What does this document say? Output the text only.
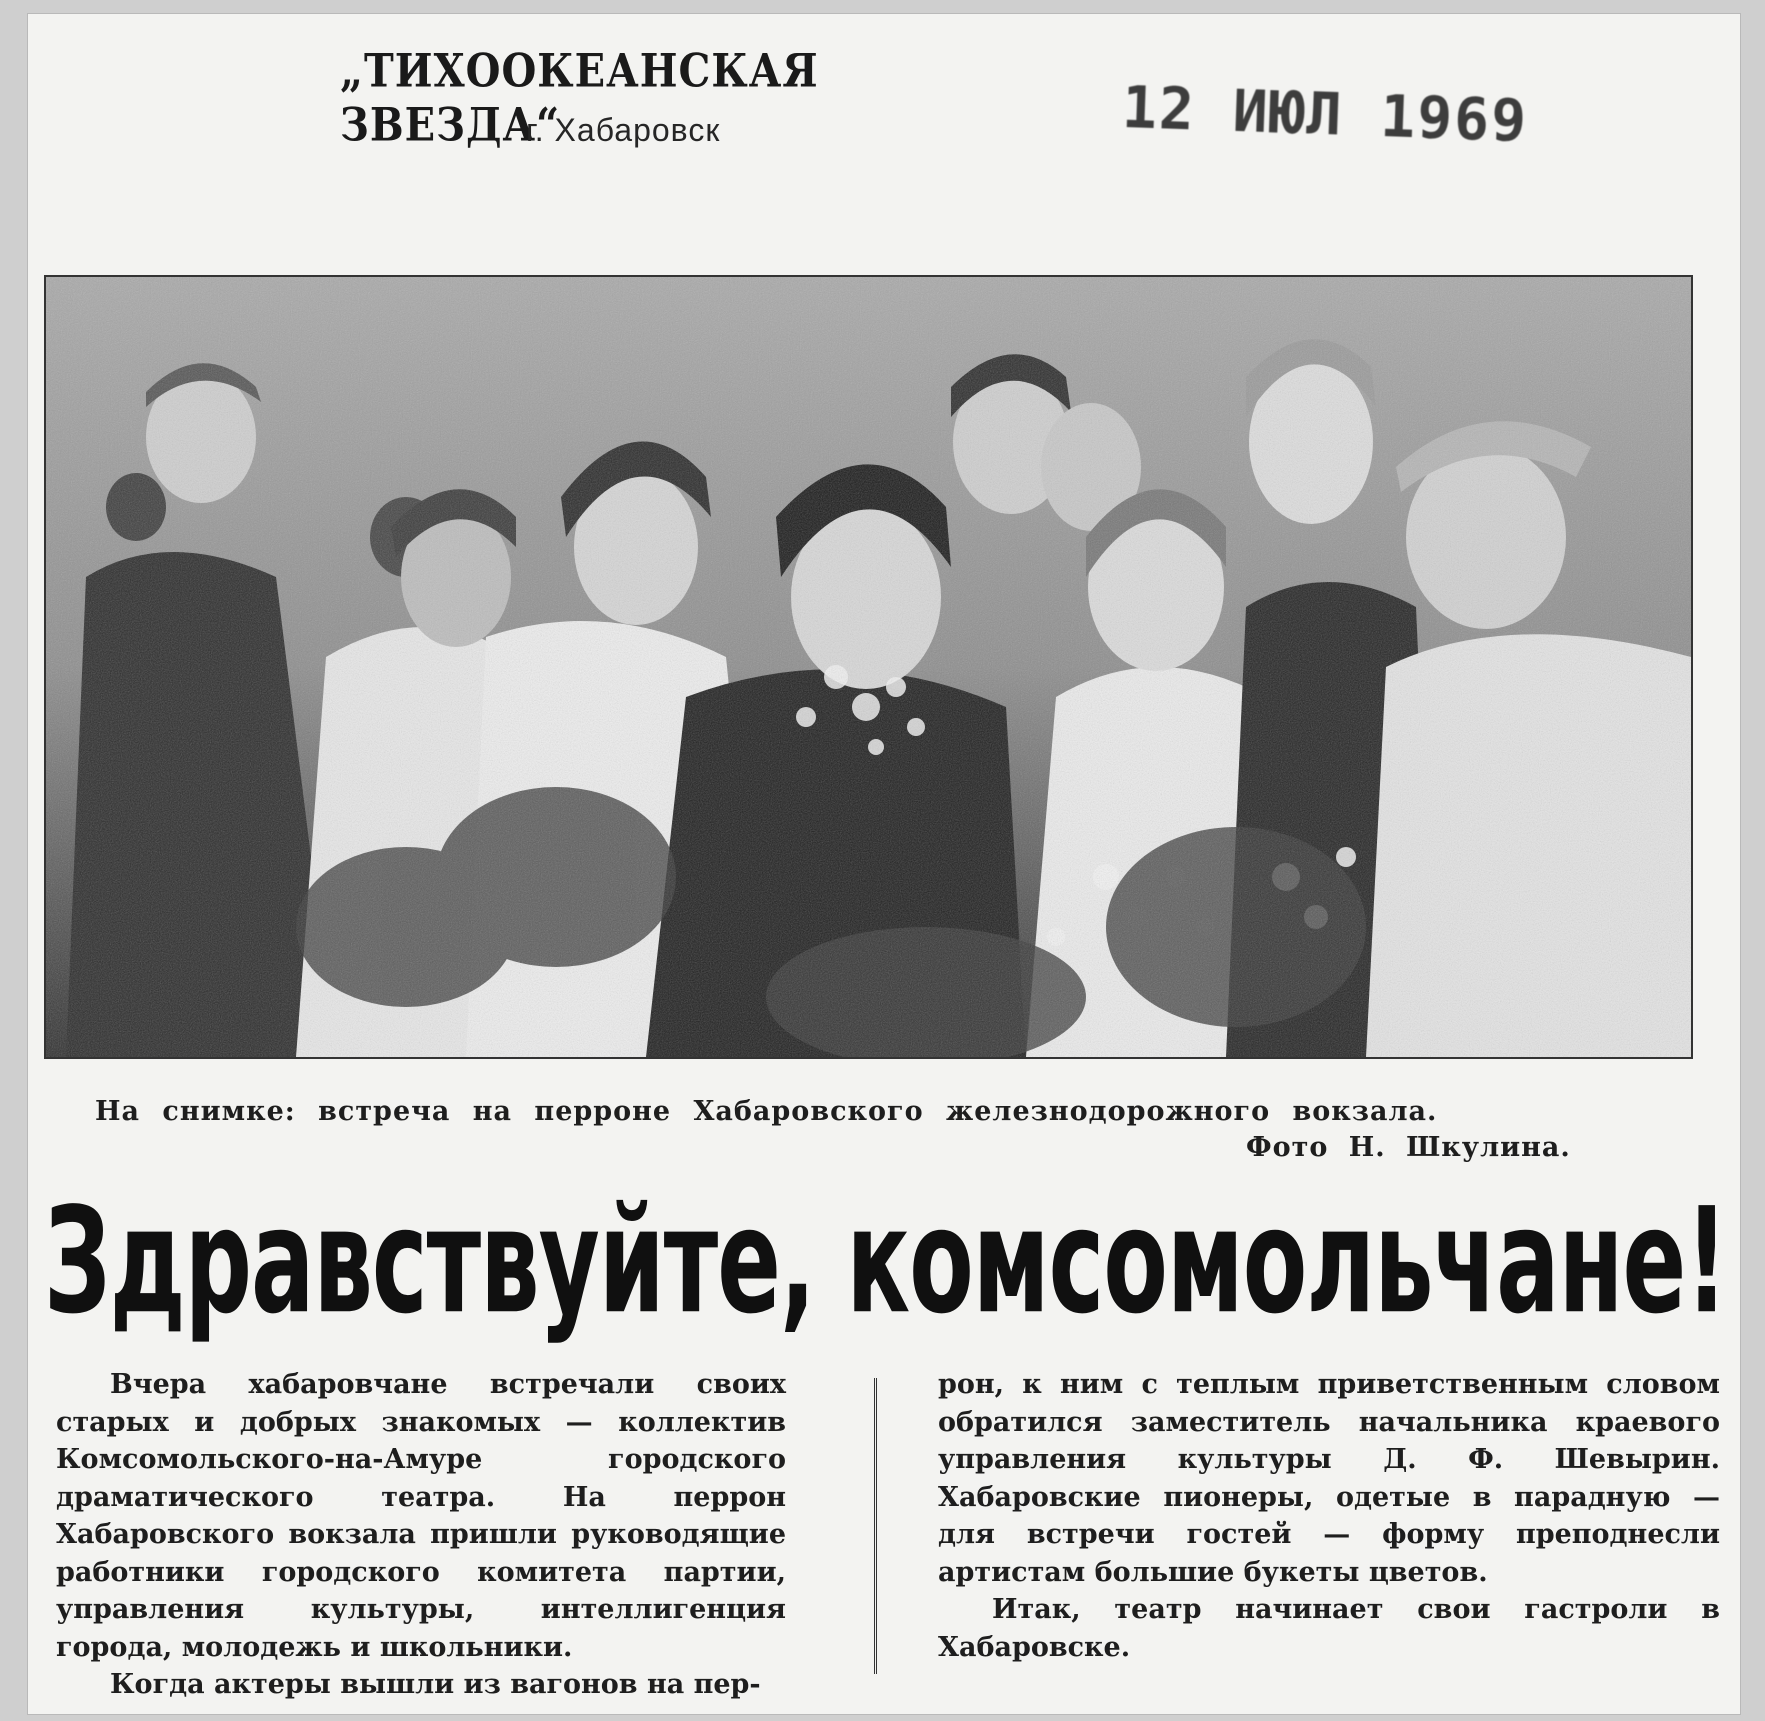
„ТИХООКЕАНСКАЯ ЗВЕЗДА“
г. Хабаровск	12 ИЮЛ 1969
На снимке: встреча на перроне Хабаровского железнодорожного вокзала.
Фото Н. Шкулина.
Здравствуйте, комсомольчане!

Вчера хабаровчане встречали своих старых и добрых знакомых — коллектив Комсомольского-на-Амуре городского драматического театра. На перрон Хабаровского вокзала пришли руководящие работники городского комитета партии, управления культуры, интеллигенция города, молодежь и школьники.

Когда актеры вышли из вагонов на пер-

рон, к ним с теплым приветственным словом обратился заместитель начальника краевого управления культуры Д. Ф. Шевырин. Хабаровские пионеры, одетые в парадную — для встречи гостей — форму преподнесли артистам большие букеты цветов.

Итак, театр начинает свои гастроли в Хабаровске.
